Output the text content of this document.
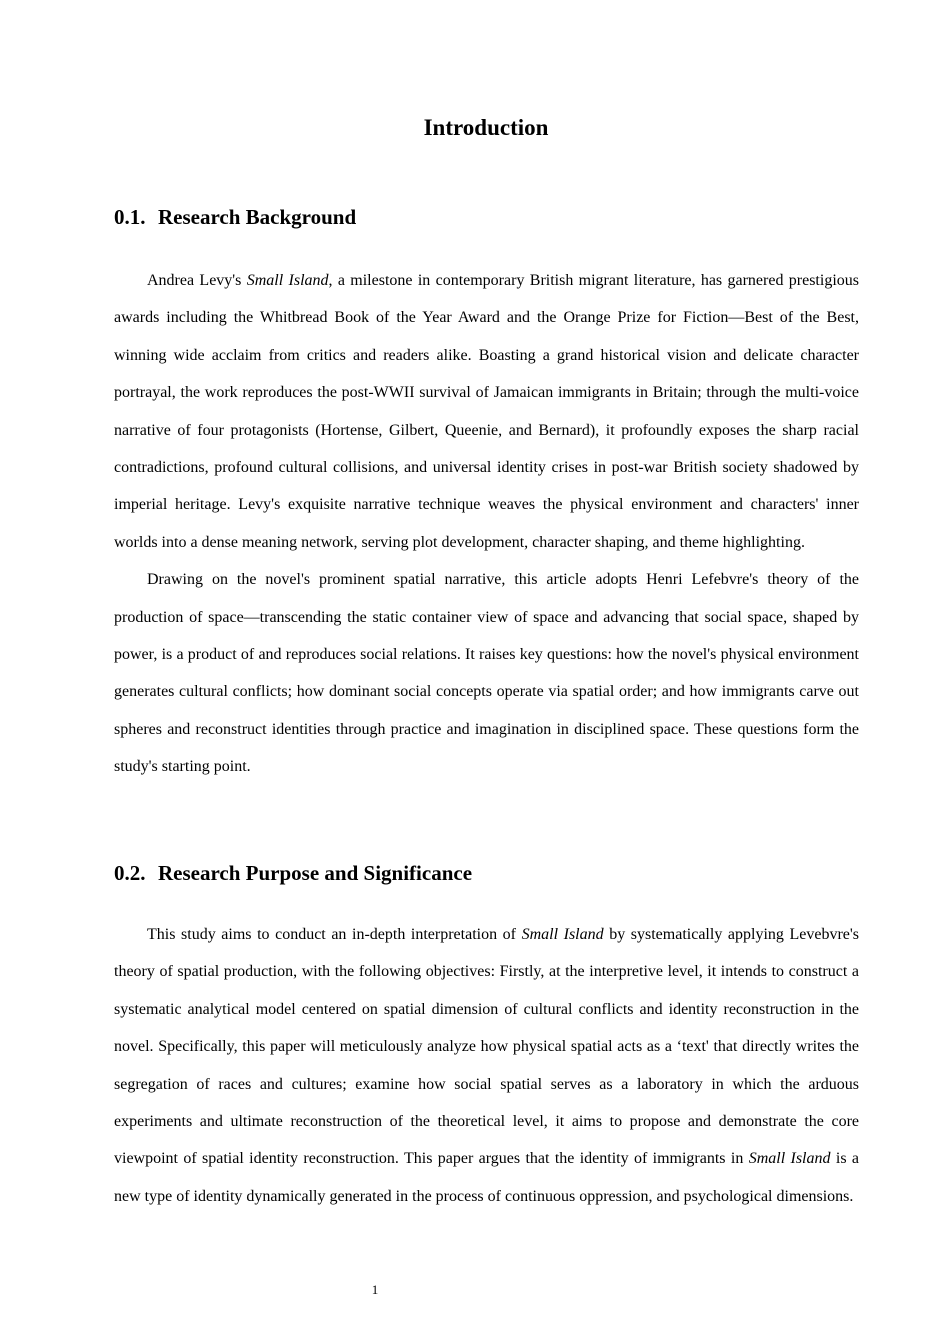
Introduction
0.1. Research Background

Andrea Levy's Small Island, a milestone in contemporary British migrant literature, has garnered prestigious awards including the Whitbread Book of the Year Award and the Orange Prize for Fiction—Best of the Best, winning wide acclaim from critics and readers alike. Boasting a grand historical vision and delicate character portrayal, the work reproduces the post-WWII survival of Jamaican immigrants in Britain; through the multi-voice narrative of four protagonists (Hortense, Gilbert, Queenie, and Bernard), it profoundly exposes the sharp racial contradictions, profound cultural collisions, and universal identity crises in post-war British society shadowed by imperial heritage. Levy's exquisite narrative technique weaves the physical environment and characters' inner worlds into a dense meaning network, serving plot development, character shaping, and theme highlighting.

Drawing on the novel's prominent spatial narrative, this article adopts Henri Lefebvre's theory of the production of space—transcending the static container view of space and advancing that social space, shaped by power, is a product of and reproduces social relations. It raises key questions: how the novel's physical environment generates cultural conflicts; how dominant social concepts operate via spatial order; and how immigrants carve out spheres and reconstruct identities through practice and imagination in disciplined space. These questions form the study's starting point.

0.2. Research Purpose and Significance

This study aims to conduct an in-depth interpretation of Small Island by systematically applying Levebvre's theory of spatial production, with the following objectives: Firstly, at the interpretive level, it intends to construct a systematic analytical model centered on spatial dimension of cultural conflicts and identity reconstruction in the novel. Specifically, this paper will meticulously analyze how physical spatial acts as a ‘text' that directly writes the segregation of races and cultures; examine how social spatial serves as a laboratory in which the arduous experiments and ultimate reconstruction of the theoretical level, it aims to propose and demonstrate the core viewpoint of spatial identity reconstruction. This paper argues that the identity of immigrants in Small Island is a new type of identity dynamically generated in the process of continuous oppression, and psychological dimensions.

1
